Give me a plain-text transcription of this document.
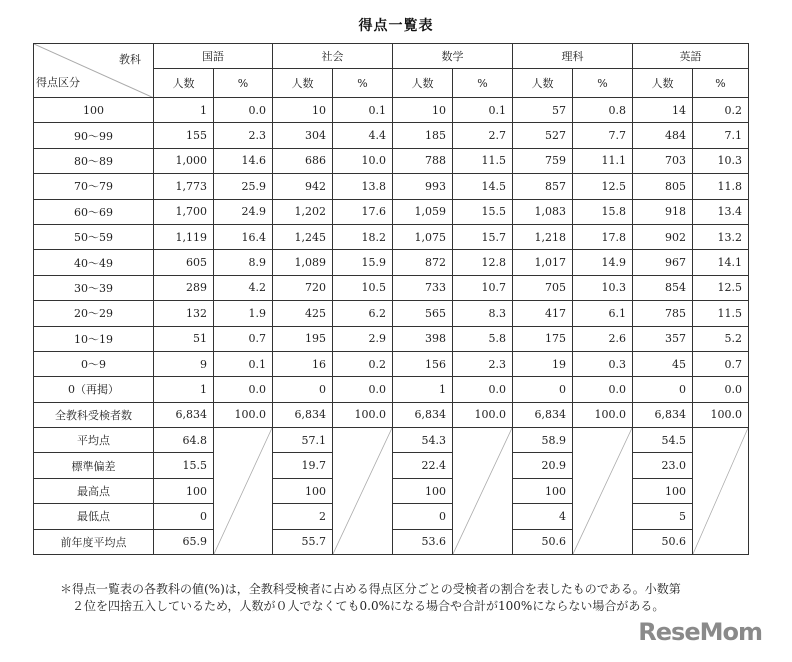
得点一覧表
教科
得点区分	国語		社会		数学		理科		英語	
	人数	%	人数	%	人数	%	人数	%	人数	%
100	1	0.0	10	0.1	10	0.1	57	0.8	14	0.2
90～99	155	2.3	304	4.4	185	2.7	527	7.7	484	7.1
80～89	1,000	14.6	686	10.0	788	11.5	759	11.1	703	10.3
70～79	1,773	25.9	942	13.8	993	14.5	857	12.5	805	11.8
60～69	1,700	24.9	1,202	17.6	1,059	15.5	1,083	15.8	918	13.4
50～59	1,119	16.4	1,245	18.2	1,075	15.7	1,218	17.8	902	13.2
40～49	605	8.9	1,089	15.9	872	12.8	1,017	14.9	967	14.1
30～39	289	4.2	720	10.5	733	10.7	705	10.3	854	12.5
20～29	132	1.9	425	6.2	565	8.3	417	6.1	785	11.5
10～19	51	0.7	195	2.9	398	5.8	175	2.6	357	5.2
0～9	9	0.1	16	0.2	156	2.3	19	0.3	45	0.7
0（再掲）	1	0.0	0	0.0	1	0.0	0	0.0	0	0.0
全教科受検者数	6,834	100.0	6,834	100.0	6,834	100.0	6,834	100.0	6,834	100.0
平均点	64.8		57.1		54.3		58.9		54.5	

標準偏差	15.5		19.7		22.4		20.9		23.0	
最高点	100		100		100		100		100	
最低点	0		2		0		4		5	
前年度平均点	65.9		55.7		53.6		50.6		50.6	
＊得点一覧表の各教科の値(%)は，全教科受検者に占める得点区分ごとの受検者の割合を表したものである。小数第
２位を四捨五入しているため，人数が０人でなくても0.0%になる場合や合計が100%にならない場合がある。
ReseMom
